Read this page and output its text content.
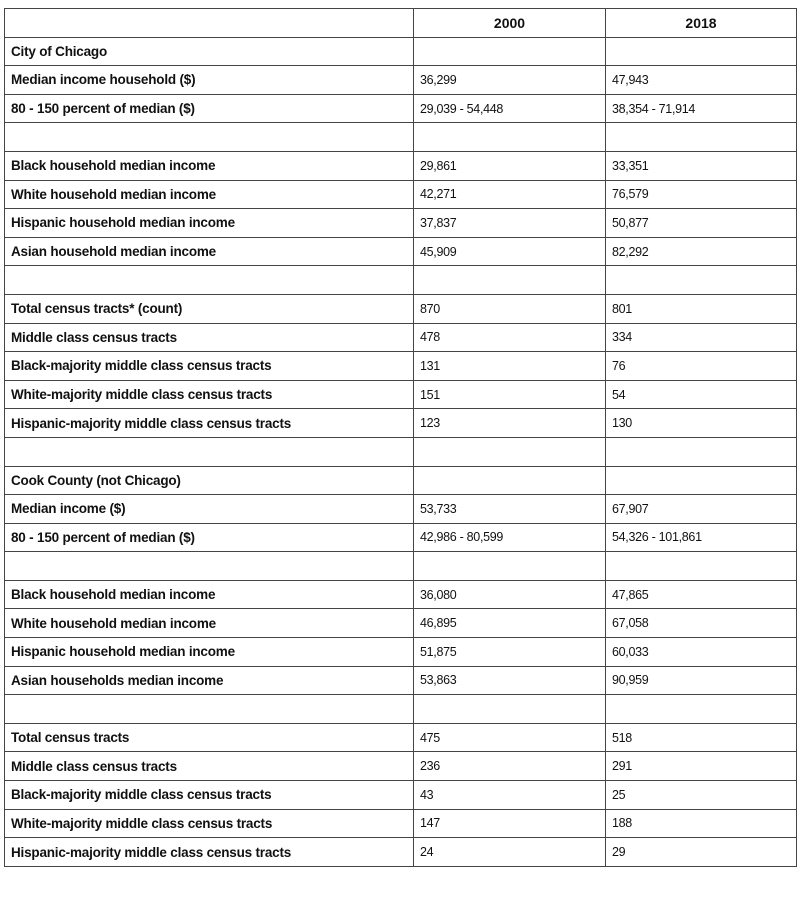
	2000	2018
City of Chicago		
Median income household ($)	36,299	47,943
80 - 150 percent of median ($)	29,039 - 54,448	38,354 - 71,914

Black household median income	29,861	33,351
White household median income	42,271	76,579
Hispanic household median income	37,837	50,877
Asian household median income	45,909	82,292

Total census tracts* (count)	870	801
Middle class census tracts	478	334
Black-majority middle class census tracts	131	76
White-majority middle class census tracts	151	54
Hispanic-majority middle class census tracts	123	130

Cook County (not Chicago)		
Median income ($)	53,733	67,907
80 - 150 percent of median ($)	42,986 - 80,599	54,326 - 101,861

Black household median income	36,080	47,865
White household median income	46,895	67,058
Hispanic household median income	51,875	60,033
Asian households median income	53,863	90,959

Total census tracts	475	518
Middle class census tracts	236	291
Black-majority middle class census tracts	43	25
White-majority middle class census tracts	147	188
Hispanic-majority middle class census tracts	24	29
